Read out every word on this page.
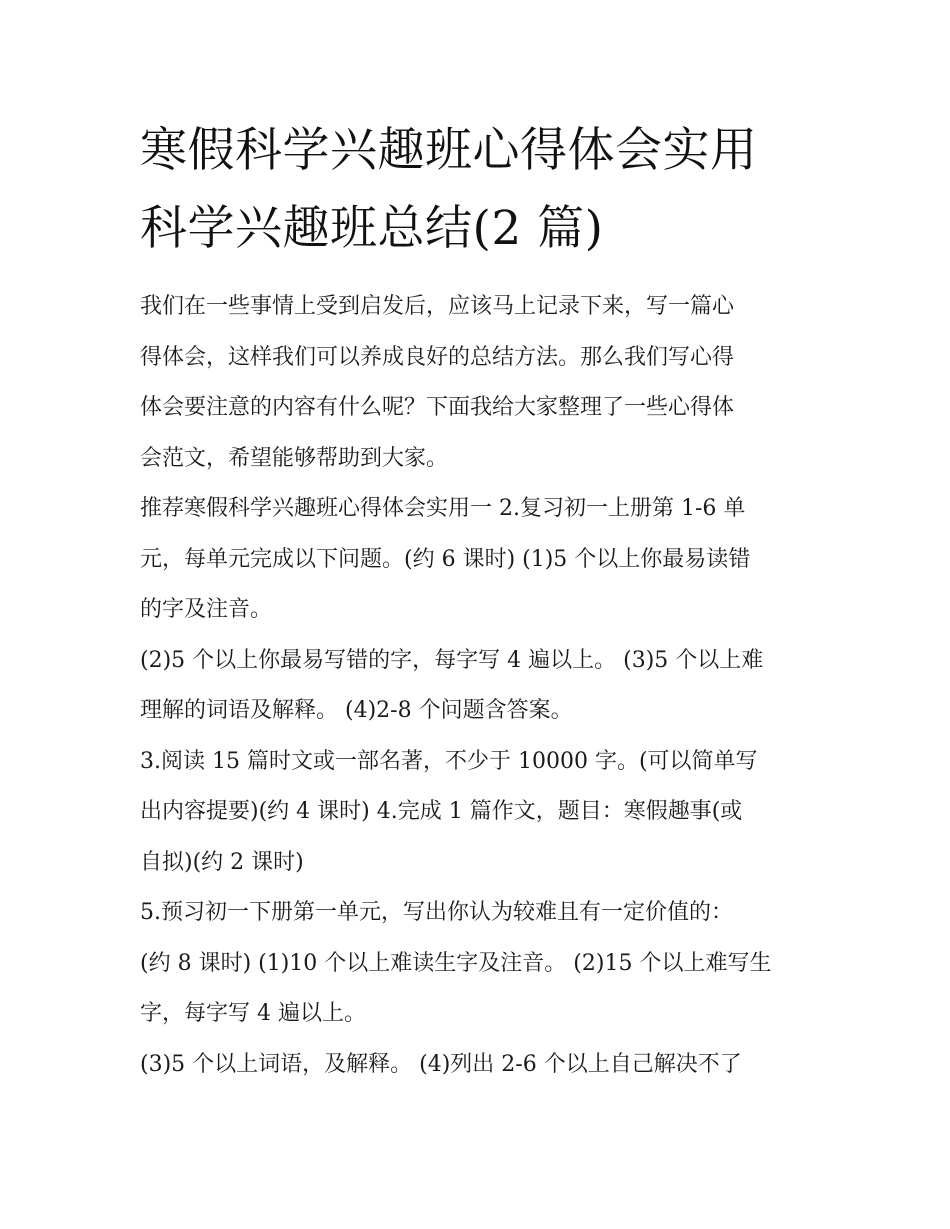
寒假科学兴趣班心得体会实用
科学兴趣班总结(2 篇)

我们在一些事情上受到启发后，应该马上记录下来，写一篇心
得体会，这样我们可以养成良好的总结方法。那么我们写心得
体会要注意的内容有什么呢？下面我给大家整理了一些心得体
会范文，希望能够帮助到大家。

推荐寒假科学兴趣班心得体会实用一 2.复习初一上册第 1-6 单
元，每单元完成以下问题。(约 6 课时) (1)5 个以上你最易读错
的字及注音。

(2)5 个以上你最易写错的字，每字写 4 遍以上。 (3)5 个以上难
理解的词语及解释。 (4)2-8 个问题含答案。

3.阅读 15 篇时文或一部名著，不少于 10000 字。(可以简单写
出内容提要)(约 4 课时) 4.完成 1 篇作文，题目：寒假趣事(或
自拟)(约 2 课时)

5.预习初一下册第一单元，写出你认为较难且有一定价值的：
(约 8 课时) (1)10 个以上难读生字及注音。 (2)15 个以上难写生
字，每字写 4 遍以上。

(3)5 个以上词语，及解释。 (4)列出 2-6 个以上自己解决不了
